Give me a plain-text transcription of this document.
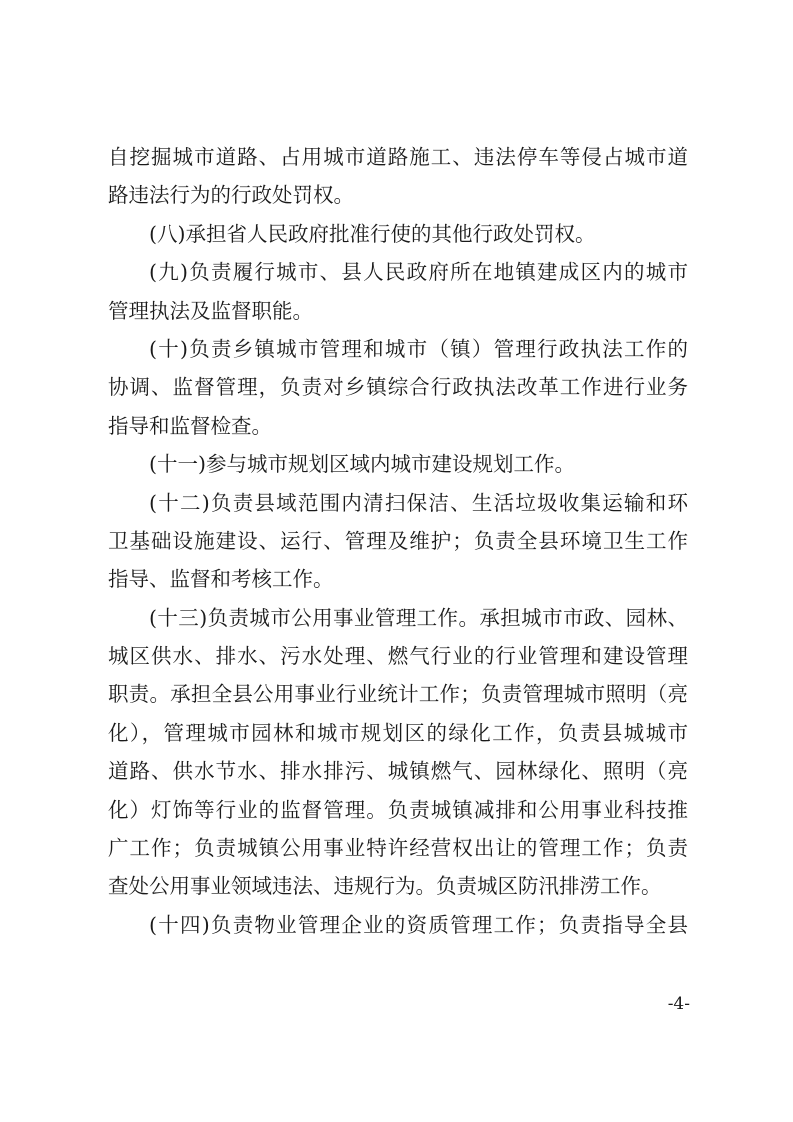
自挖掘城市道路、占用城市道路施工、违法停车等侵占城市道
路违法行为的行政处罚权。
(八)承担省人民政府批准行使的其他行政处罚权。
(九)负责履行城市、县人民政府所在地镇建成区内的城市
管理执法及监督职能。
(十)负责乡镇城市管理和城市（镇）管理行政执法工作的
协调、监督管理，负责对乡镇综合行政执法改革工作进行业务
指导和监督检查。
(十一)参与城市规划区域内城市建设规划工作。
(十二)负责县域范围内清扫保洁、生活垃圾收集运输和环
卫基础设施建设、运行、管理及维护；负责全县环境卫生工作
指导、监督和考核工作。
(十三)负责城市公用事业管理工作。承担城市市政、园林、
城区供水、排水、污水处理、燃气行业的行业管理和建设管理
职责。承担全县公用事业行业统计工作；负责管理城市照明（亮
化），管理城市园林和城市规划区的绿化工作，负责县城城市
道路、供水节水、排水排污、城镇燃气、园林绿化、照明（亮
化）灯饰等行业的监督管理。负责城镇减排和公用事业科技推
广工作；负责城镇公用事业特许经营权出让的管理工作；负责
查处公用事业领域违法、违规行为。负责城区防汛排涝工作。
(十四)负责物业管理企业的资质管理工作；负责指导全县
-4-
